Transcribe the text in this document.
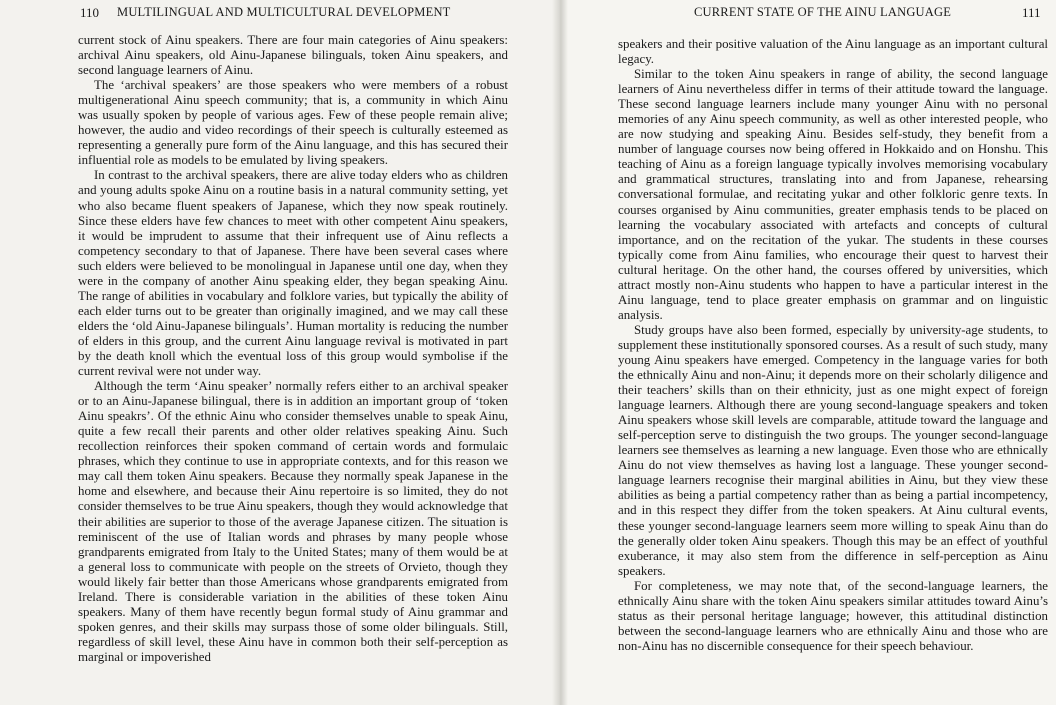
110 MULTILINGUAL AND MULTICULTURAL DEVELOPMENT

current stock of Ainu speakers. There are four main categories of Ainu speakers: archival Ainu speakers, old Ainu-Japanese bilinguals, token Ainu speakers, and second language learners of Ainu.

The ‘archival speakers’ are those speakers who were members of a robust multigenerational Ainu speech community; that is, a community in which Ainu was usually spoken by people of various ages. Few of these people remain alive; however, the audio and video recordings of their speech is culturally esteemed as representing a generally pure form of the Ainu language, and this has secured their influential role as models to be emulated by living speakers.

In contrast to the archival speakers, there are alive today elders who as children and young adults spoke Ainu on a routine basis in a natural community setting, yet who also became fluent speakers of Japanese, which they now speak routinely. Since these elders have few chances to meet with other competent Ainu speakers, it would be imprudent to assume that their infrequent use of Ainu reflects a competency secondary to that of Japanese. There have been several cases where such elders were believed to be monolingual in Japanese until one day, when they were in the company of another Ainu speaking elder, they began speaking Ainu. The range of abilities in vocabulary and folklore varies, but typically the ability of each elder turns out to be greater than originally imagined, and we may call these elders the ‘old Ainu-Japanese bilinguals’. Human mortality is reducing the number of elders in this group, and the current Ainu language revival is motivated in part by the death knoll which the eventual loss of this group would symbolise if the current revival were not under way.

Although the term ‘Ainu speaker’ normally refers either to an archival speaker or to an Ainu-Japanese bilingual, there is in addition an important group of ‘token Ainu speakrs’. Of the ethnic Ainu who consider themselves unable to speak Ainu, quite a few recall their parents and other older relatives speaking Ainu. Such recollection reinforces their spoken command of certain words and formulaic phrases, which they continue to use in appropriate contexts, and for this reason we may call them token Ainu speakers. Because they normally speak Japanese in the home and elsewhere, and because their Ainu repertoire is so limited, they do not consider themselves to be true Ainu speakers, though they would acknowledge that their abilities are superior to those of the average Japanese citizen. The situation is reminiscent of the use of Italian words and phrases by many people whose grandparents emigrated from Italy to the United States; many of them would be at a general loss to communicate with people on the streets of Orvieto, though they would likely fair better than those Americans whose grandparents emigrated from Ireland. There is considerable variation in the abilities of these token Ainu speakers. Many of them have recently begun formal study of Ainu grammar and spoken genres, and their skills may surpass those of some older bilinguals. Still, regardless of skill level, these Ainu have in common both their self-perception as marginal or impoverished

CURRENT STATE OF THE AINU LANGUAGE	111

speakers and their positive valuation of the Ainu language as an important cultural legacy.

Similar to the token Ainu speakers in range of ability, the second language learners of Ainu nevertheless differ in terms of their attitude toward the language. These second language learners include many younger Ainu with no personal memories of any Ainu speech community, as well as other interested people, who are now studying and speaking Ainu. Besides self-study, they benefit from a number of language courses now being offered in Hokkaido and on Honshu. This teaching of Ainu as a foreign language typically involves memorising vocabulary and grammatical structures, translating into and from Japanese, rehearsing conversational formulae, and recitating yukar and other folkloric genre texts. In courses organised by Ainu communities, greater emphasis tends to be placed on learning the vocabulary associated with artefacts and concepts of cultural importance, and on the recitation of the yukar. The students in these courses typically come from Ainu families, who encourage their quest to harvest their cultural heritage. On the other hand, the courses offered by universities, which attract mostly non-Ainu students who happen to have a particular interest in the Ainu language, tend to place greater emphasis on grammar and on linguistic analysis.

Study groups have also been formed, especially by university-age students, to supplement these institutionally sponsored courses. As a result of such study, many young Ainu speakers have emerged. Competency in the language varies for both the ethnically Ainu and non-Ainu; it depends more on their scholarly diligence and their teachers’ skills than on their ethnicity, just as one might expect of foreign language learners. Although there are young second-language speakers and token Ainu speakers whose skill levels are comparable, attitude toward the language and self-perception serve to distinguish the two groups. The younger second-language learners see themselves as learning a new language. Even those who are ethnically Ainu do not view themselves as having lost a language. These younger second-language learners recognise their marginal abilities in Ainu, but they view these abilities as being a partial competency rather than as being a partial incompetency, and in this respect they differ from the token speakers. At Ainu cultural events, these younger second-language learners seem more willing to speak Ainu than do the generally older token Ainu speakers. Though this may be an effect of youthful exuberance, it may also stem from the difference in self-perception as Ainu speakers.

For completeness, we may note that, of the second-language learners, the ethnically Ainu share with the token Ainu speakers similar attitudes toward Ainu’s status as their personal heritage language; however, this attitudinal distinction between the second-language learners who are ethnically Ainu and those who are non-Ainu has no discernible consequence for their speech behaviour.
